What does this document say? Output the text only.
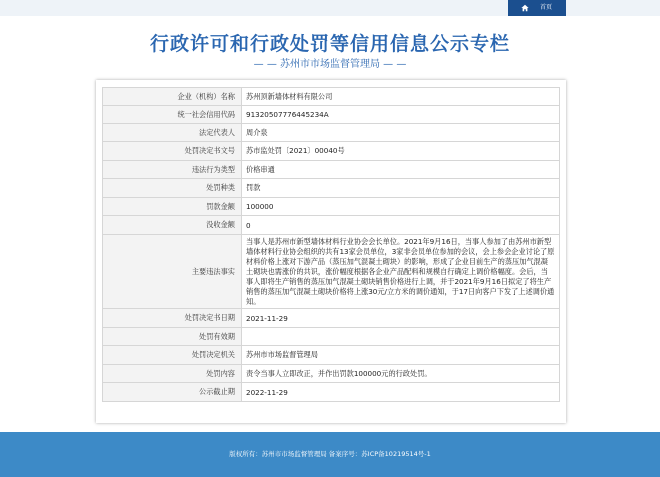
首页
行政许可和行政处罚等信用信息公示专栏
— — 苏州市市场监督管理局 — —
企业（机构）名称	苏州顶新墙体材料有限公司
统一社会信用代码	91320507776445234A
法定代表人	周介泉
处罚决定书文号	苏市监处罚〔2021〕00040号
违法行为类型	价格串通
处罚种类	罚款
罚款金额	100000
没收金额	0
主要违法事实	当事人是苏州市新型墙体材料行业协会会长单位。2021年9月16日，当事人参加了由苏州市新型墙体材料行业协会组织的共有13家会员单位，3家非会员单位参加的会议，会上参会企业讨论了原材料价格上涨对下游产品（蒸压加气混凝土砌块）的影响，形成了企业目前生产的蒸压加气混凝土砌块也需涨价的共识，涨价幅度根据各企业产品配料和规模自行确定上调价格幅度。会后，当事人即将生产销售的蒸压加气混凝土砌块销售价格进行上调，并于2021年9月16日拟定了将生产销售的蒸压加气混凝土砌块价格将上涨30元/立方米的调价通知，于17日向客户下发了上述调价通知。
处罚决定书日期	2021-11-29
处罚有效期	
处罚决定机关	苏州市市场监督管理局
处罚内容	责令当事人立即改正，并作出罚款100000元的行政处罚。
公示截止期	2022-11-29
版权所有：苏州市市场监督管理局 备案序号：苏ICP备10219514号-1
